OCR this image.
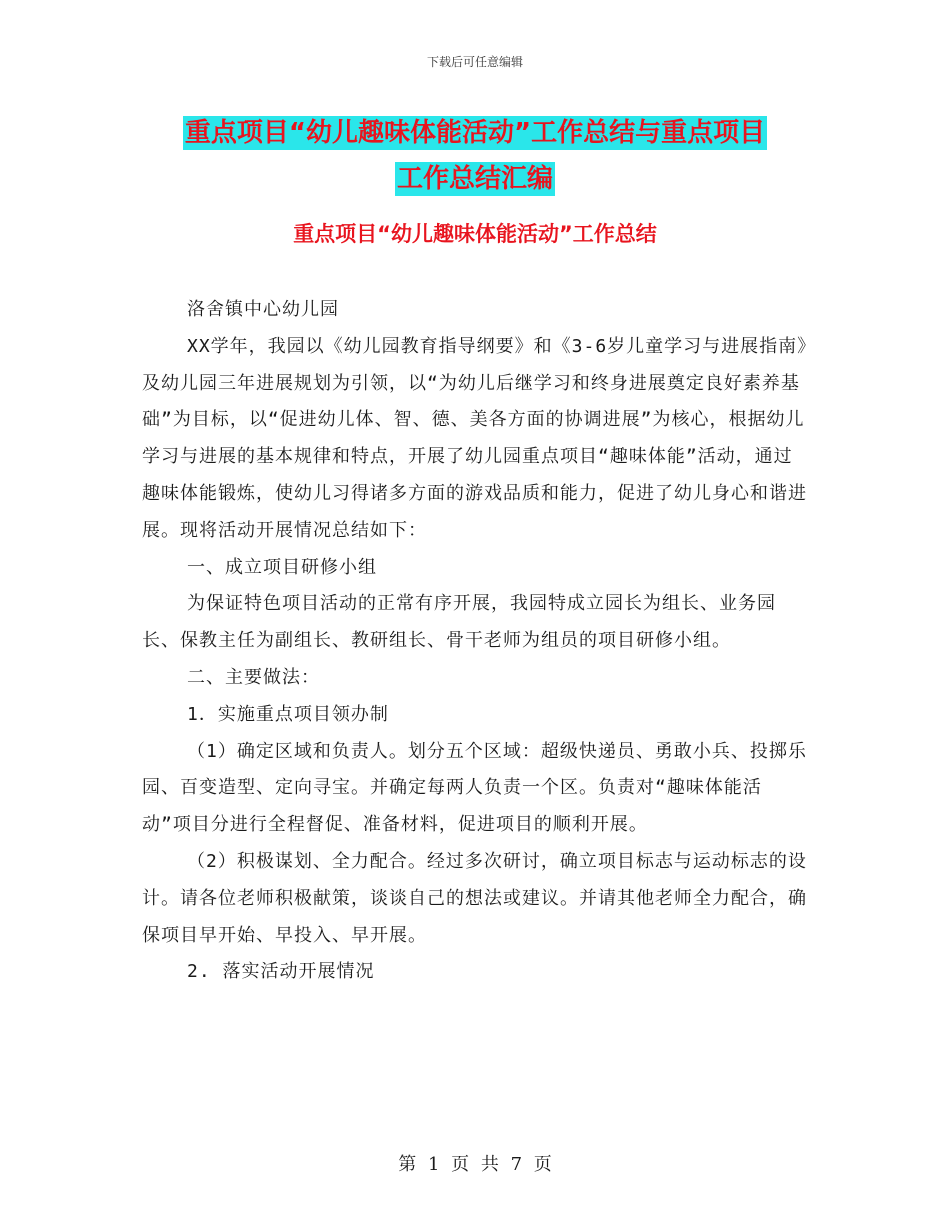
下载后可任意编辑
重点项目“幼儿趣味体能活动”工作总结与重点项目
工作总结汇编
重点项目“幼儿趣味体能活动”工作总结

洛舍镇中心幼儿园

XX学年，我园以《幼儿园教育指导纲要》和《3-6岁儿童学习与进展指南》及幼儿园三年进展规划为引领，以“为幼儿后继学习和终身进展奠定良好素养基础”为目标，以“促进幼儿体、智、德、美各方面的协调进展”为核心，根据幼儿学习与进展的基本规律和特点，开展了幼儿园重点项目“趣味体能”活动，通过趣味体能锻炼，使幼儿习得诸多方面的游戏品质和能力，促进了幼儿身心和谐进展。现将活动开展情况总结如下：

一、成立项目研修小组

为保证特色项目活动的正常有序开展，我园特成立园长为组长、业务园长、保教主任为副组长、教研组长、骨干老师为组员的项目研修小组。

二、主要做法：

1．实施重点项目领办制

（1）确定区域和负责人。划分五个区域：超级快递员、勇敢小兵、投掷乐园、百变造型、定向寻宝。并确定每两人负责一个区。负责对“趣味体能活动”项目分进行全程督促、准备材料，促进项目的顺利开展。

（2）积极谋划、全力配合。经过多次研讨，确立项目标志与运动标志的设计。请各位老师积极献策，谈谈自己的想法或建议。并请其他老师全力配合，确保项目早开始、早投入、早开展。

2. 落实活动开展情况

第 1 页 共 7 页
